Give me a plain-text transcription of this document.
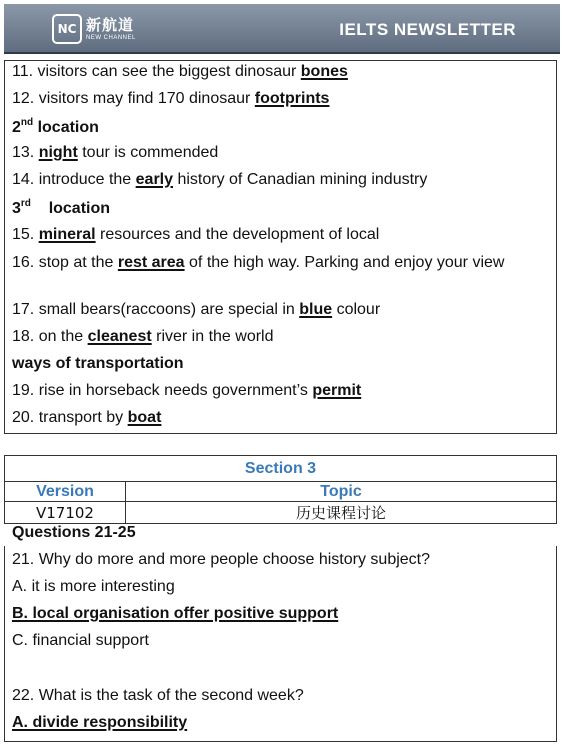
NC 新航道
NEW CHANNEL	IELTS NEWSLETTER
11. visitors can see the biggest dinosaur bones
12. visitors may find 170 dinosaur footprints
2nd location
13. night tour is commended
14. introduce the early history of Canadian mining industry
3rd    location
15. mineral resources and the development of local
16. stop at the rest area of the high way. Parking and enjoy your view
17. small bears(raccoons) are special in blue colour
18. on the cleanest river in the world
ways of transportation
19. rise in horseback needs government’s permit
20. transport by boat
Section 3	
Version	Topic
V17102	历史课程讨论
Questions 21-25
21. Why do more and more people choose history subject?
A. it is more interesting
B. local organisation offer positive support
C. financial support
22. What is the task of the second week?
A. divide responsibility
